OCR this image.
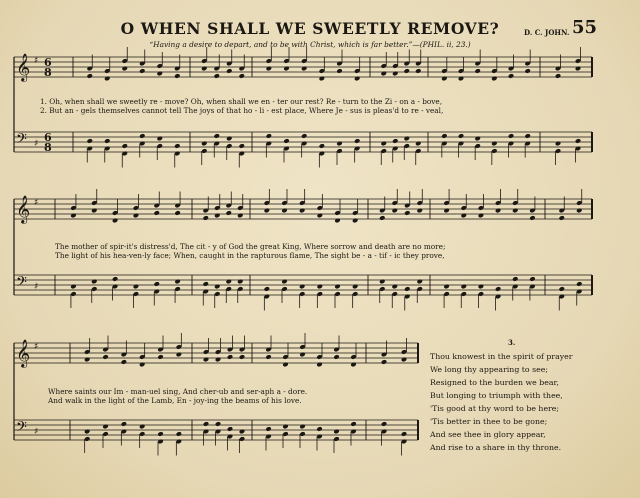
O WHEN SHALL WE SWEETLY REMOVE?	D. C. JOHN. 55
“Having a desire to depart, and to be with Christ, which is far better.”—(PHIL. ii, 23.)
𝄞
𝄢
♯
♯
6
8
6
8
𝄞
𝄢
♯
♯
𝄞
𝄢
♯
♯
1. Oh, when shall we sweetly re - move? Oh, when shall we en - ter our rest? Re - turn to the Zi - on a - bove,
2. But an - gels themselves cannot tell The joys of that ho - li - est place, Where Je - sus is pleas'd to re - veal,
The mother of spir-it's distress'd, The cit - y of God the great King, Where sorrow and death are no more;
The light of his hea-ven-ly face; When, caught in the rapturous flame, The sight be - a - tif - ic they prove,
Where saints our Im - man-uel sing, And cher-ub and ser-aph a - dore.
And walk in the light of the Lamb, En - joy-ing the beams of his love.
3.
Thou knowest in the spirit of prayer
We long thy appearing to see;
Resigned to the burden we bear,
But longing to triumph with thee,
'Tis good at thy word to be here;
'Tis better in thee to be gone;
And see thee in glory appear,
And rise to a share in thy throne.
